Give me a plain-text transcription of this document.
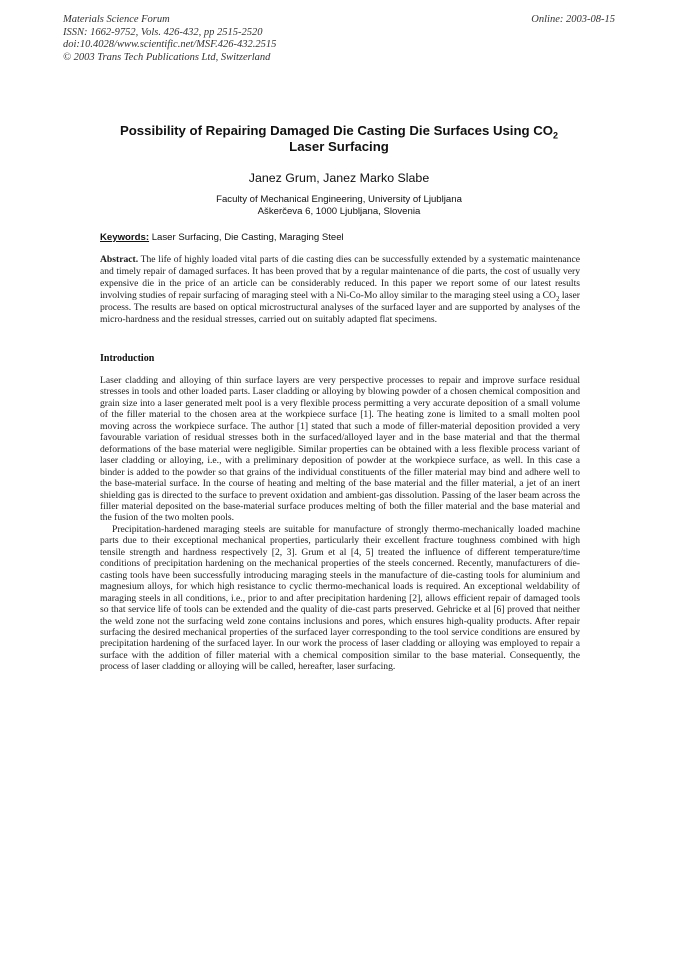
Materials Science Forum
ISSN: 1662-9752, Vols. 426-432, pp 2515-2520
doi:10.4028/www.scientific.net/MSF.426-432.2515
© 2003 Trans Tech Publications Ltd, Switzerland
Online: 2003-08-15
Possibility of Repairing Damaged Die Casting Die Surfaces Using $CO_2$
Laser Surfacing
Janez Grum, Janez Marko Slabe
Faculty of Mechanical Engineering, University of Ljubljana
Aškerčeva 6, 1000 Ljubljana, Slovenia
Keywords: Laser Surfacing, Die Casting, Maraging Steel
Abstract. The life of highly loaded vital parts of die casting dies can be successfully extended by a systematic maintenance and timely repair of damaged surfaces. It has been proved that by a regular maintenance of die parts, the cost of usually very expensive die in the price of an article can be considerably reduced. In this paper we report some of our latest results involving studies of repair surfacing of maraging steel with a Ni-Co-Mo alloy similar to the maraging steel using a $CO_2$ laser process. The results are based on optical microstructural analyses of the surfaced layer and are supported by analyses of the micro-hardness and the residual stresses, carried out on suitably adapted flat specimens.
Introduction

Laser cladding and alloying of thin surface layers are very perspective processes to repair and improve surface residual stresses in tools and other loaded parts. Laser cladding or alloying by blowing powder of a chosen chemical composition and grain size into a laser generated melt pool is a very flexible process permitting a very accurate deposition of a small volume of the filler material to the chosen area at the workpiece surface [1]. The heating zone is limited to a small molten pool moving across the workpiece surface. The author [1] stated that such a mode of filler-material deposition provided a very favourable variation of residual stresses both in the surfaced/alloyed layer and in the base material and that the thermal deformations of the base material were negligible. Similar properties can be obtained with a less flexible process variant of laser cladding or alloying, i.e., with a preliminary deposition of powder at the workpiece surface, as well. In this case a binder is added to the powder so that grains of the individual constituents of the filler material may bind and adhere well to the base-material surface. In the course of heating and melting of the base material and the filler material, a jet of an inert shielding gas is directed to the surface to prevent oxidation and ambient-gas dissolution. Passing of the laser beam across the filler material deposited on the base-material surface produces melting of both the filler material and the base material and the fusion of the two molten pools.

Precipitation-hardened maraging steels are suitable for manufacture of strongly thermo-mechanically loaded machine parts due to their exceptional mechanical properties, particularly their excellent fracture toughness combined with high tensile strength and hardness respectively [2, 3]. Grum et al [4, 5] treated the influence of different temperature/time conditions of precipitation hardening on the mechanical properties of the steels concerned. Recently, manufacturers of die-casting tools have been successfully introducing maraging steels in the manufacture of die-casting tools for aluminium and magnesium alloys, for which high resistance to cyclic thermo-mechanical loads is required. An exceptional weldability of maraging steels in all conditions, i.e., prior to and after precipitation hardening [2], allows efficient repair of damaged tools so that service life of tools can be extended and the quality of die-cast parts preserved. Gehricke et al [6] proved that neither the weld zone not the surfacing weld zone contains inclusions and pores, which ensures high-quality products. After repair surfacing the desired mechanical properties of the surfaced layer corresponding to the tool service conditions are ensured by precipitation hardening of the surfaced layer. In our work the process of laser cladding or alloying was employed to repair a surface with the addition of filler material with a chemical composition similar to the base material. Consequently, the process of laser cladding or alloying will be called, hereafter, laser surfacing.
